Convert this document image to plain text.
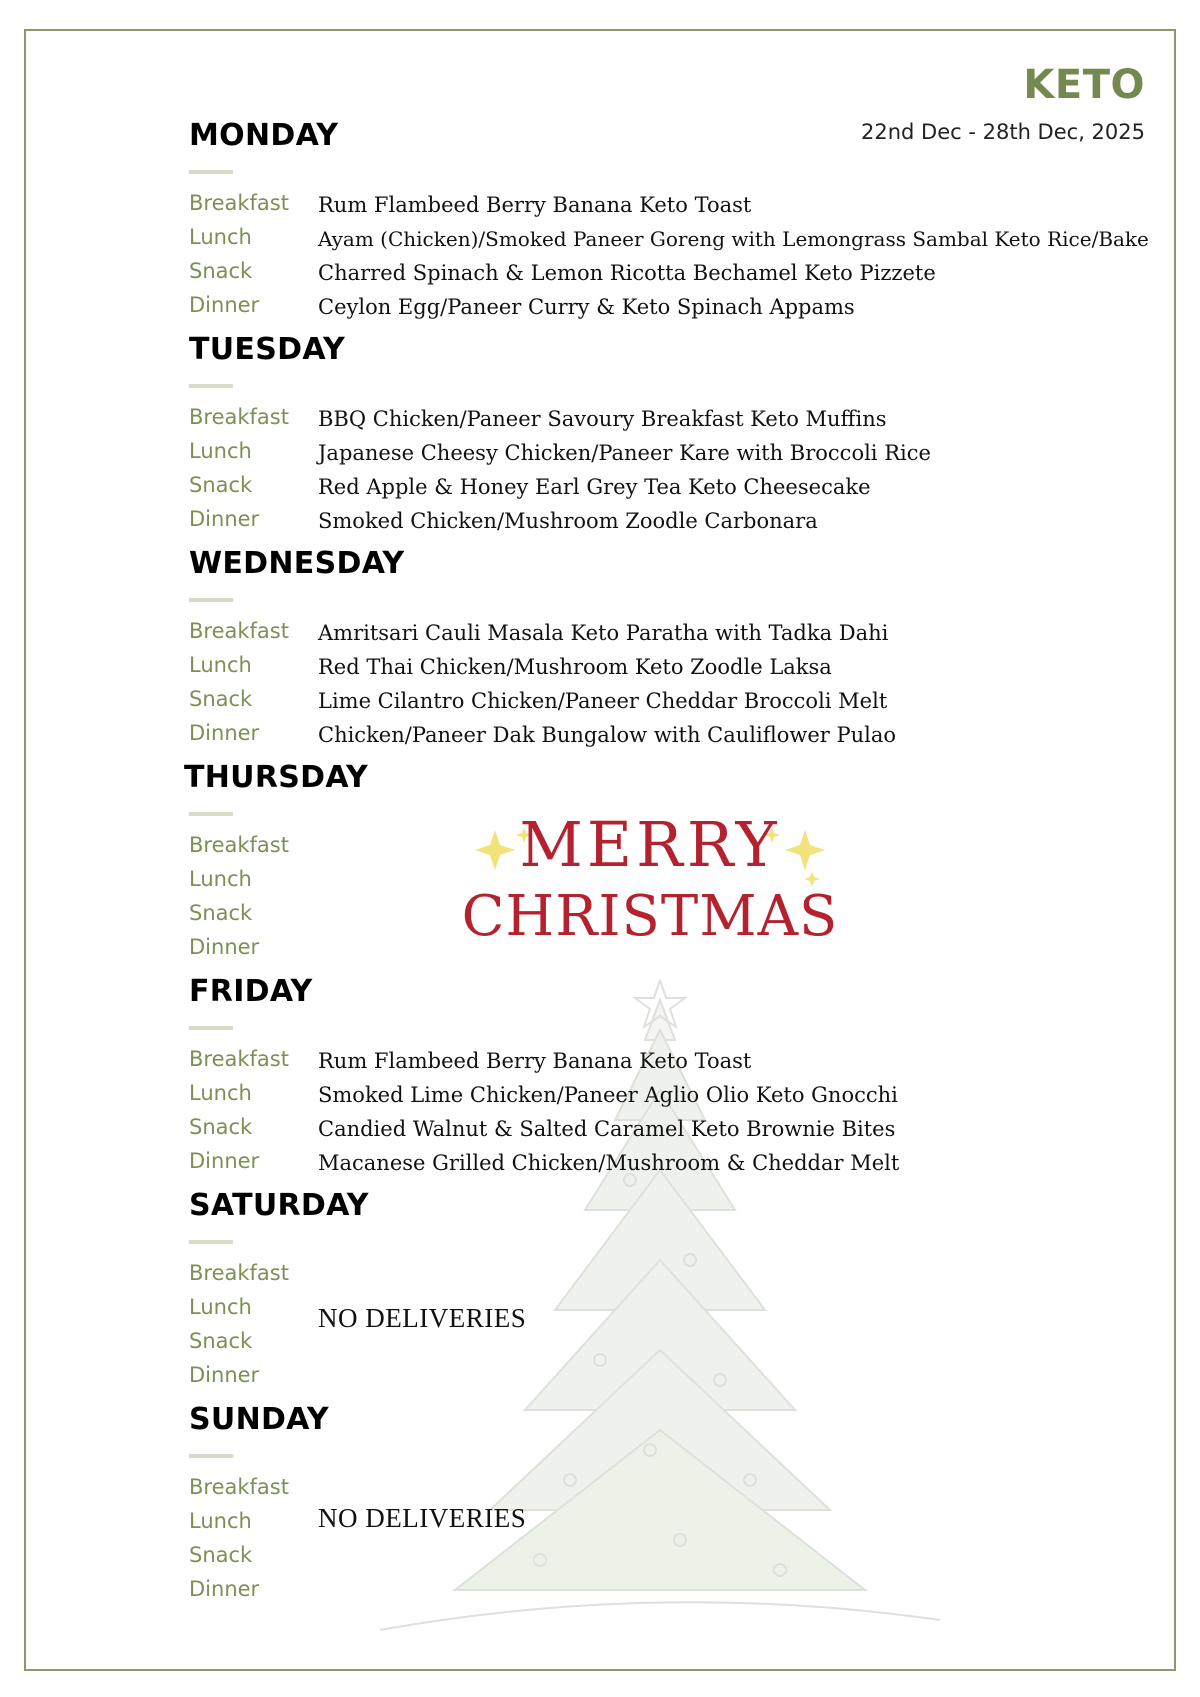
MERRY
CHRISTMAS
KETO
22nd Dec - 28th Dec, 2025
MONDAY
Breakfast Rum Flambeed Berry Banana Keto Toast
Lunch	Ayam (Chicken)/Smoked Paneer Goreng with Lemongrass Sambal Keto Rice/Bake
Snack	Charred Spinach & Lemon Ricotta Bechamel Keto Pizzete
Dinner	Ceylon Egg/Paneer Curry & Keto Spinach Appams
TUESDAY
Breakfast BBQ Chicken/Paneer Savoury Breakfast Keto Muffins
Lunch	Japanese Cheesy Chicken/Paneer Kare with Broccoli Rice
Snack	Red Apple & Honey Earl Grey Tea Keto Cheesecake
Dinner	Smoked Chicken/Mushroom Zoodle Carbonara
WEDNESDAY
Breakfast Amritsari Cauli Masala Keto Paratha with Tadka Dahi
Lunch	Red Thai Chicken/Mushroom Keto Zoodle Laksa
Snack	Lime Cilantro Chicken/Paneer Cheddar Broccoli Melt
Dinner	Chicken/Paneer Dak Bungalow with Cauliflower Pulao
THURSDAY
Breakfast
Lunch
Snack
Dinner
FRIDAY
Breakfast Rum Flambeed Berry Banana Keto Toast
Lunch	Smoked Lime Chicken/Paneer Aglio Olio Keto Gnocchi
Snack	Candied Walnut & Salted Caramel Keto Brownie Bites
Dinner	Macanese Grilled Chicken/Mushroom & Cheddar Melt
SATURDAY
Breakfast
Lunch
Snack
Dinner
NO DELIVERIES
SUNDAY
Breakfast
Lunch
Snack
Dinner
NO DELIVERIES
